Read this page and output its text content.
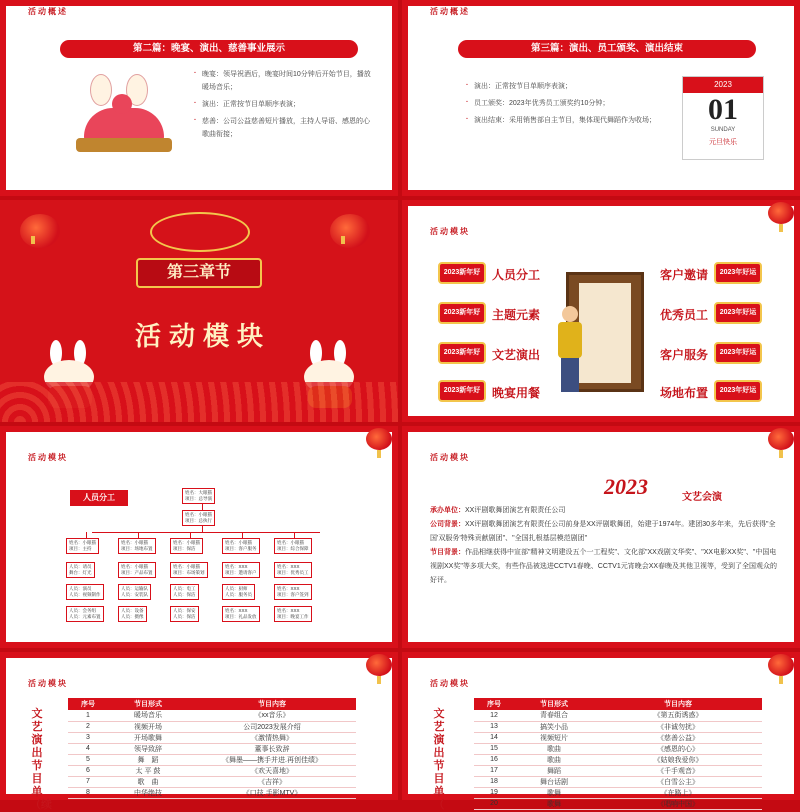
活动概述
第二篇：晚宴、演出、慈善事业展示
· 晚宴：领导祝酒后，晚宴时间10分钟后开始节目，播放暖场音乐；
· 演出：正常按节目单顺序表演；
· 慈善：公司公益慈善短片播放，主持人导语、感恩的心歌曲衔接；
活动概述
第三篇：演出、员工颁奖、演出结束
· 演出：正常按节目单顺序表演；
· 员工颁奖：2023年优秀员工颁奖约10分钟；
· 演出结束：采用销售部自主节目，集体现代舞蹈作为收场；
2023
01
SUNDAY
元旦快乐
第三章节
活动模块
活动模块
2023新年好 人员分工
2023新年好 主题元素
2023新年好 文艺演出
2023新年好 晚宴用餐
客户邀请	2023年好运
优秀员工	2023年好运
客户服务	2023年好运
场地布置	2023年好运
活动模块
人员分工
姓名：大眼猫
项目：总导演
姓名：小眼猫
项目：总执行
姓名：小眼猫
项目：主持
人员：请员
舞台：灯光
人员：演员
人员：视频制作
人员：会务组
人员：元素布置
姓名：小眼猫
项目：场地布置
姓名：小眼猫
项目：产品布置
人员：运输队
人员：安装队
人员：设备
人员：摄像
姓名：小眼猫
项目：保洁
姓名：小眼猫
项目：布场策划
人员：电工
人员：保洁
人员：保安
人员：保洁
姓名：小眼猫
项目：客户服务
姓名：XXX
项目：邀请客户
人员：厨师
人员：服务员
姓名：XXX
项目：礼品发放
姓名：小眼猫
项目：综合保障
姓名：XXX
项目：优秀员工
姓名：XXX
项目：客户签到
姓名：XXX
项目：晚宴工作
活动模块
2023	文艺会演
承办单位：XX评剧歌舞团演艺有限责任公司
公司背景：XX评剧歌舞团演艺有限责任公司前身是XX评剧歌舞团，始建于1974年。建团30多年来，先后获得"全国'双服务'特殊贡献剧团"、"全国扎根基层模范剧团"
节目背景：作品相继获得中宣部"精神文明建设五个一工程奖"、文化部"XX戏剧文华奖"、"XX电影XX奖"、"中国电视剧XX奖"等多项大奖，有些作品被选进CCTV1春晚、CCTV1元宵晚会XX春晚及其他卫视等，受到了全国观众的好评。
活动模块
文艺演出节目单（续
序号	节目形式	节目内容
1	暖场音乐	《xx音乐》
2	视频开场	公司2023发展介绍
3	开场歌舞	《激情热舞》
4	领导致辞	董事长致辞
5	舞　蹈	《舞墨——携手并进.再创佳绩》
6	太 平 鼓	《欢天喜地》
7	歌　曲	《吉祥》
8	中华绝技	《口技.手影MTV》
活动模块
文艺演出节目单（
序号	节目形式	节目内容
12	青春组合	《第五街诱惑》
13	搞笑小品	《非诚勿扰》
14	视频短片	《慈善公益》
15	歌曲	《感恩的心》
16	歌曲	《姑娘我爱你》
17	舞蹈	《千手观音》
18	舞台话剧	《白雪公主》
19	歌舞	《在路上》
20	歌舞	《唱响中国》
